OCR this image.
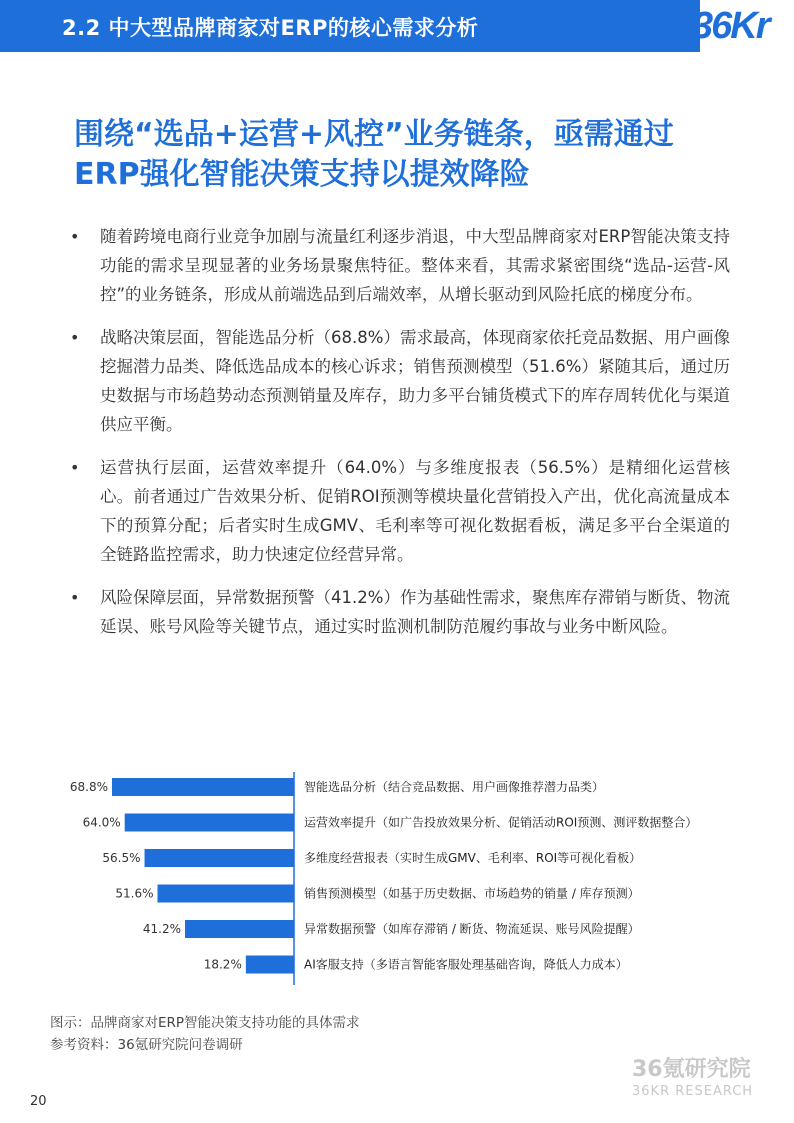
2.2 中大型品牌商家对ERP的核心需求分析	36Kr
围绕“选品+运营+风控”业务链条，亟需通过
ERP强化智能决策支持以提效降险
• 随着跨境电商行业竞争加剧与流量红利逐步消退，中大型品牌商家对ERP智能决策支持功能的需求呈现显著的业务场景聚焦特征。整体来看，其需求紧密围绕“选品-运营-风控”的业务链条，形成从前端选品到后端效率，从增长驱动到风险托底的梯度分布。
• 战略决策层面，智能选品分析（68.8%）需求最高，体现商家依托竞品数据、用户画像挖掘潜力品类、降低选品成本的核心诉求；销售预测模型（51.6%）紧随其后，通过历史数据与市场趋势动态预测销量及库存，助力多平台铺货模式下的库存周转优化与渠道供应平衡。
• 运营执行层面，运营效率提升（64.0%）与多维度报表（56.5%）是精细化运营核心。前者通过广告效果分析、促销ROI预测等模块量化营销投入产出，优化高流量成本下的预算分配；后者实时生成GMV、毛利率等可视化数据看板，满足多平台全渠道的全链路监控需求，助力快速定位经营异常。
• 风险保障层面，异常数据预警（41.2%）作为基础性需求，聚焦库存滞销与断货、物流延误、账号风险等关键节点，通过实时监测机制防范履约事故与业务中断风险。
68.8%	智能选品分析（结合竞品数据、用户画像推荐潜力品类）
64.0%	运营效率提升（如广告投放效果分析、促销活动ROI预测、测评数据整合）
56.5%	多维度经营报表（实时生成GMV、毛利率、ROI等可视化看板）
51.6%	销售预测模型（如基于历史数据、市场趋势的销量 / 库存预测）
41.2%	异常数据预警（如库存滞销 / 断货、物流延误、账号风险提醒）
18.2%	AI客服支持（多语言智能客服处理基础咨询，降低人力成本）
图示：品牌商家对ERP智能决策支持功能的具体需求
参考资料：36氪研究院问卷调研
36氪研究院
36KR RESEARCH
20
